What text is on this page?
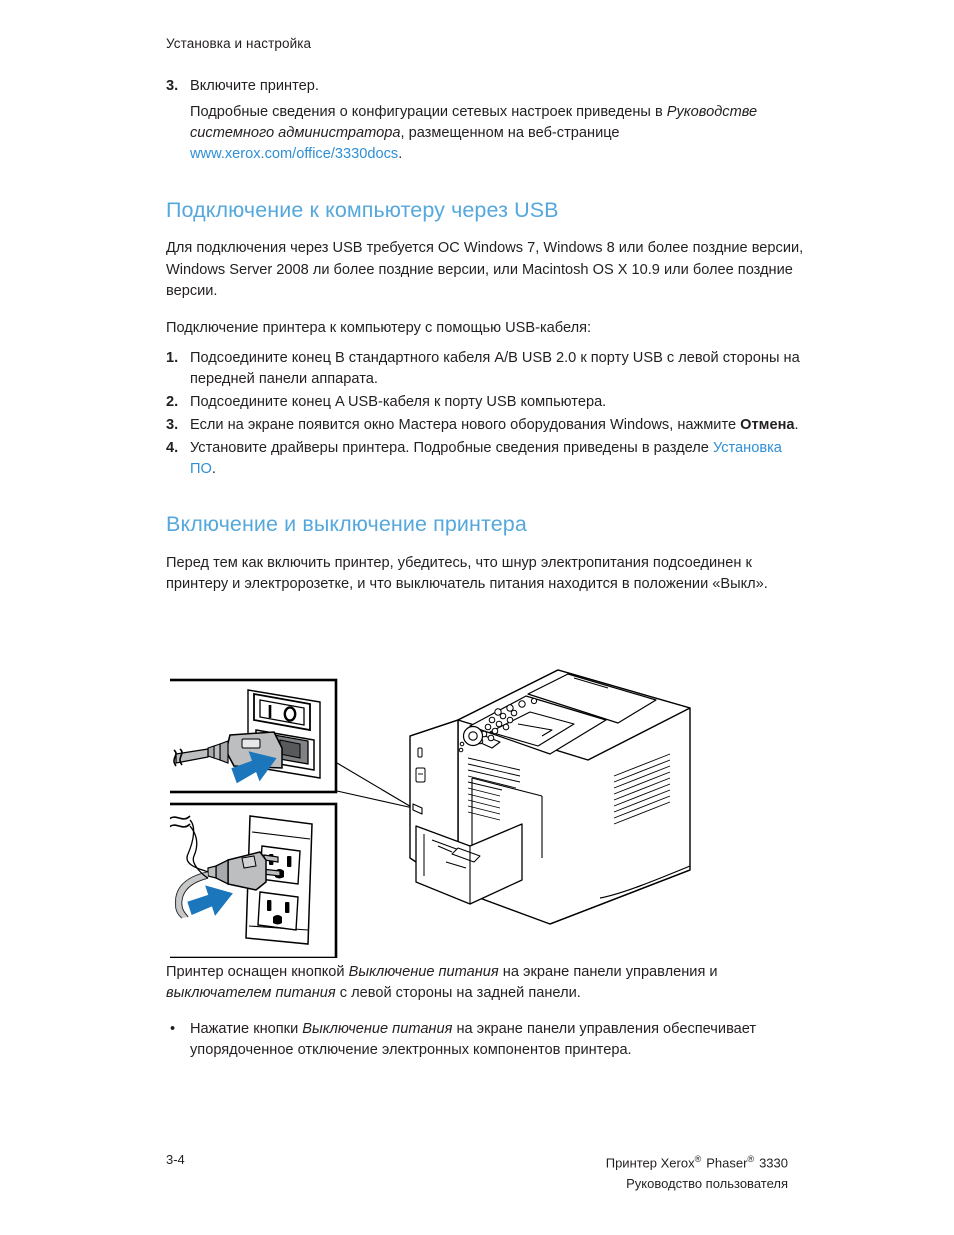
Установка и настройка
3. Включите принтер.

Подробные сведения о конфигурации сетевых настроек приведены в Руководстве системного администратора, размещенном на веб-странице www.xerox.com/office/3330docs.

Подключение к компьютеру через USB

Для подключения через USB требуется ОС Windows 7, Windows 8 или более поздние версии, Windows Server 2008 ли более поздние версии, или Macintosh OS X 10.9 или более поздние версии.

Подключение принтера к компьютеру с помощью USB-кабеля:

1. Подсоедините конец B стандартного кабеля A/B USB 2.0 к порту USB с левой стороны на передней панели аппарата.
2. Подсоедините конец A USB-кабеля к порту USB компьютера.
3. Если на экране появится окно Мастера нового оборудования Windows, нажмите Отмена.
4. Установите драйверы принтера. Подробные сведения приведены в разделе Установка ПО.
Включение и выключение принтера

Перед тем как включить принтер, убедитесь, что шнур электропитания подсоединен к принтеру и электророзетке, и что выключатель питания находится в положении «Выкл».

Принтер оснащен кнопкой Выключение питания на экране панели управления и выключателем питания с левой стороны на задней панели.

•	Нажатие кнопки Выключение питания на экране панели управления обеспечивает упорядоченное отключение электронных компонентов принтера.
3-4	Принтер Xerox® Phaser® 3330
Руководство пользователя
